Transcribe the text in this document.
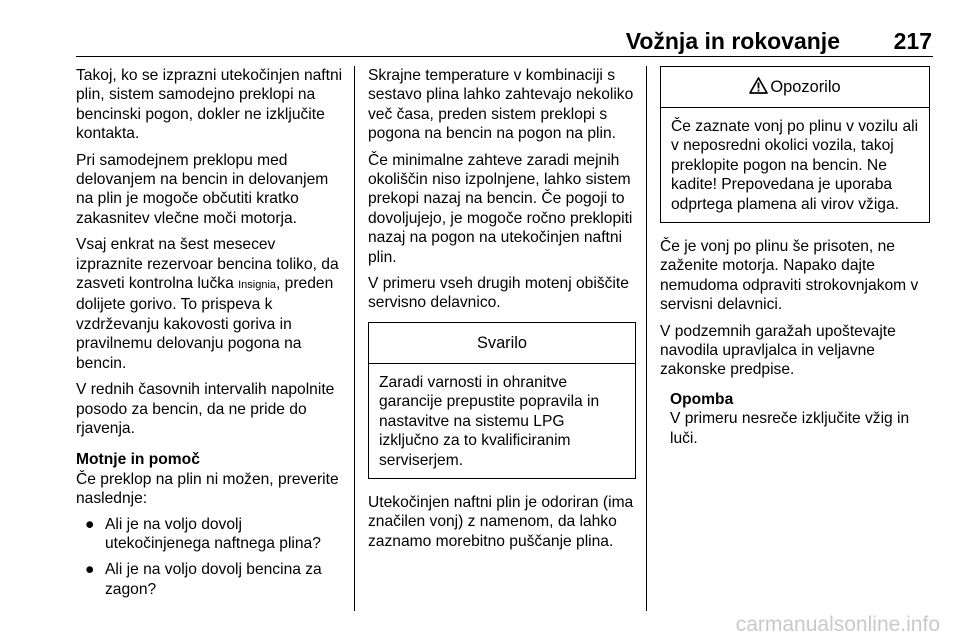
Vožnja in rokovanje	217

Takoj, ko se izprazni utekočinjen naftni plin, sistem samodejno preklopi na bencinski pogon, dokler ne izključite kontakta.

Pri samodejnem preklopu med delovanjem na bencin in delovanjem na plin je mogoče občutiti kratko zakasnitev vlečne moči motorja.

Vsaj enkrat na šest mesecev izpraznite rezervoar bencina toliko, da zasveti kontrolna lučka Insignia, preden dolijete gorivo. To prispeva k vzdrževanju kakovosti goriva in pravilnemu delovanju pogona na bencin.

V rednih časovnih intervalih napolnite posodo za bencin, da ne pride do rjavenja.

Motnje in pomoč

Če preklop na plin ni možen, preverite naslednje:

● Ali je na voljo dovolj utekočinjenega naftnega plina?
● Ali je na voljo dovolj bencina za zagon?

Skrajne temperature v kombinaciji s sestavo plina lahko zahtevajo nekoliko več časa, preden sistem preklopi s pogona na bencin na pogon na plin.

Če minimalne zahteve zaradi mejnih okoliščin niso izpolnjene, lahko sistem prekopi nazaj na bencin. Če pogoji to dovoljujejo, je mogoče ročno preklopiti nazaj na pogon na utekočinjen naftni plin.

V primeru vseh drugih motenj obiščite servisno delavnico.

Svarilo
Zaradi varnosti in ohranitve garancije prepustite popravila in nastavitve na sistemu LPG izključno za to kvalificiranim serviserjem.

Utekočinjen naftni plin je odoriran (ima značilen vonj) z namenom, da lahko zaznamo morebitno puščanje plina.

Opozorilo
Če zaznate vonj po plinu v vozilu ali v neposredni okolici vozila, takoj preklopite pogon na bencin. Ne kadite! Prepovedana je uporaba odprtega plamena ali virov vžiga.

Če je vonj po plinu še prisoten, ne zaženite motorja. Napako dajte nemudoma odpraviti strokovnjakom v servisni delavnici.

V podzemnih garažah upoštevajte navodila upravljalca in veljavne zakonske predpise.

Opomba
V primeru nesreče izključite vžig in luči.
carmanualsonline.info
